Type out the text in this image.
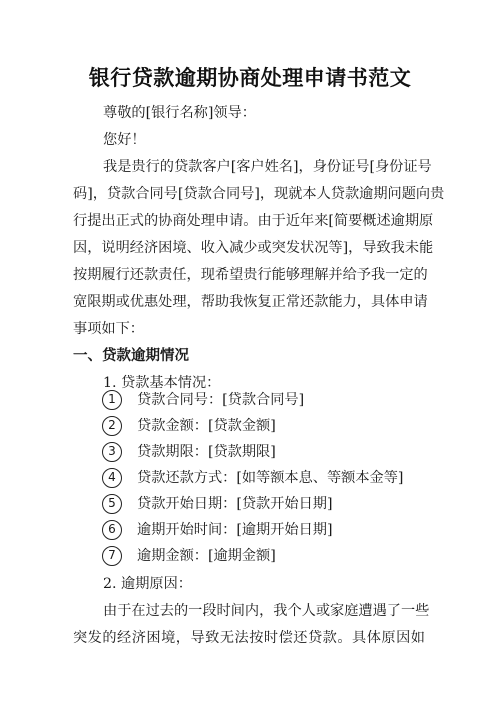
银行贷款逾期协商处理申请书范文
尊敬的[银行名称]领导：
您好！
我是贵行的贷款客户[客户姓名]，身份证号[身份证号
码]，贷款合同号[贷款合同号]，现就本人贷款逾期问题向贵
行提出正式的协商处理申请。由于近年来[简要概述逾期原
因，说明经济困境、收入减少或突发状况等]，导致我未能
按期履行还款责任，现希望贵行能够理解并给予我一定的
宽限期或优惠处理，帮助我恢复正常还款能力，具体申请
事项如下：
一、贷款逾期情况
1. 贷款基本情况：
1	贷款合同号：[贷款合同号]
2	贷款金额：[贷款金额]
3	贷款期限：[贷款期限]
4	贷款还款方式：[如等额本息、等额本金等]
5	贷款开始日期：[贷款开始日期]
6	逾期开始时间：[逾期开始日期]
7	逾期金额：[逾期金额]
2. 逾期原因：
由于在过去的一段时间内，我个人或家庭遭遇了一些
突发的经济困境，导致无法按时偿还贷款。具体原因如
